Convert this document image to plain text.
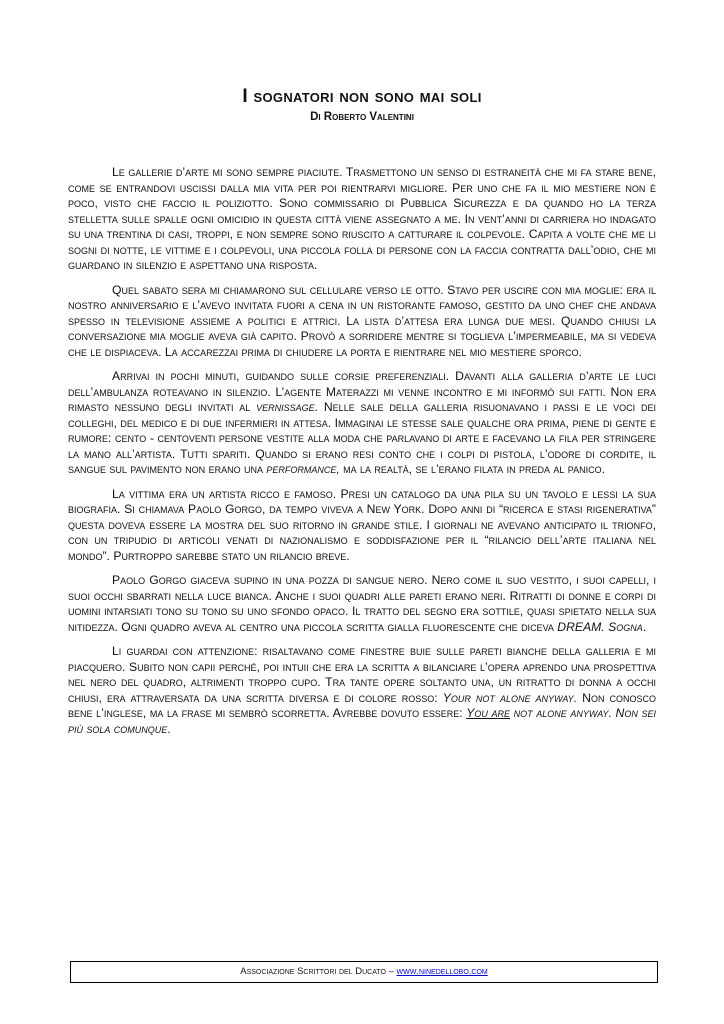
I sognatori non sono mai soli
Di Roberto Valentini

Le gallerie d’arte mi sono sempre piaciute. Trasmettono un senso di estraneità che mi fa stare bene, come se entrandovi uscissi dalla mia vita per poi rientrarvi migliore. Per uno che fa il mio mestiere non è poco, visto che faccio il poliziotto. Sono commissario di Pubblica Sicurezza e da quando ho la terza stelletta sulle spalle ogni omicidio in questa città viene assegnato a me. In vent’anni di carriera ho indagato su una trentina di casi, troppi, e non sempre sono riuscito a catturare il colpevole. Capita a volte che me li sogni di notte, le vittime e i colpevoli, una piccola folla di persone con la faccia contratta dall’odio, che mi guardano in silenzio e aspettano una risposta.

Quel sabato sera mi chiamarono sul cellulare verso le otto. Stavo per uscire con mia moglie: era il nostro anniversario e l’avevo invitata fuori a cena in un ristorante famoso, gestito da uno chef che andava spesso in televisione assieme a politici e attrici. La lista d’attesa era lunga due mesi. Quando chiusi la conversazione mia moglie aveva già capito. Provò a sorridere mentre si toglieva l’impermeabile, ma si vedeva che le dispiaceva. La accarezzai prima di chiudere la porta e rientrare nel mio mestiere sporco.

Arrivai in pochi minuti, guidando sulle corsie preferenziali. Davanti alla galleria d’arte le luci dell’ambulanza roteavano in silenzio. L’agente Materazzi mi venne incontro e mi informò sui fatti. Non era rimasto nessuno degli invitati al vernissage. Nelle sale della galleria risuonavano i passi e le voci dei colleghi, del medico e di due infermieri in attesa. Immaginai le stesse sale qualche ora prima, piene di gente e rumore: cento - centoventi persone vestite alla moda che parlavano di arte e facevano la fila per stringere la mano all’artista. Tutti spariti. Quando si erano resi conto che i colpi di pistola, l’odore di cordite, il sangue sul pavimento non erano una performance, ma la realtà, se l’erano filata in preda al panico.

La vittima era un artista ricco e famoso. Presi un catalogo da una pila su un tavolo e lessi la sua biografia. Si chiamava Paolo Gorgo, da tempo viveva a New York. Dopo anni di “ricerca e stasi rigenerativa” questa doveva essere la mostra del suo ritorno in grande stile. I giornali ne avevano anticipato il trionfo, con un tripudio di articoli venati di nazionalismo e soddisfazione per il “rilancio dell’arte italiana nel mondo”. Purtroppo sarebbe stato un rilancio breve.

Paolo Gorgo giaceva supino in una pozza di sangue nero. Nero come il suo vestito, i suoi capelli, i suoi occhi sbarrati nella luce bianca. Anche i suoi quadri alle pareti erano neri. Ritratti di donne e corpi di uomini intarsiati tono su tono su uno sfondo opaco. Il tratto del segno era sottile, quasi spietato nella sua nitidezza. Ogni quadro aveva al centro una piccola scritta gialla fluorescente che diceva DREAM. Sogna.

Li guardai con attenzione: risaltavano come finestre buie sulle pareti bianche della galleria e mi piacquero. Subito non capii perché, poi intuii che era la scritta a bilanciare l’opera aprendo una prospettiva nel nero del quadro, altrimenti troppo cupo. Tra tante opere soltanto una, un ritratto di donna a occhi chiusi, era attraversata da una scritta diversa e di colore rosso: Your not alone anyway. Non conosco bene l’inglese, ma la frase mi sembrò scorretta. Avrebbe dovuto essere: You are not alone anyway. Non sei più sola comunque.

Associazione Scrittori del Ducato – www.ninedellobo.com
